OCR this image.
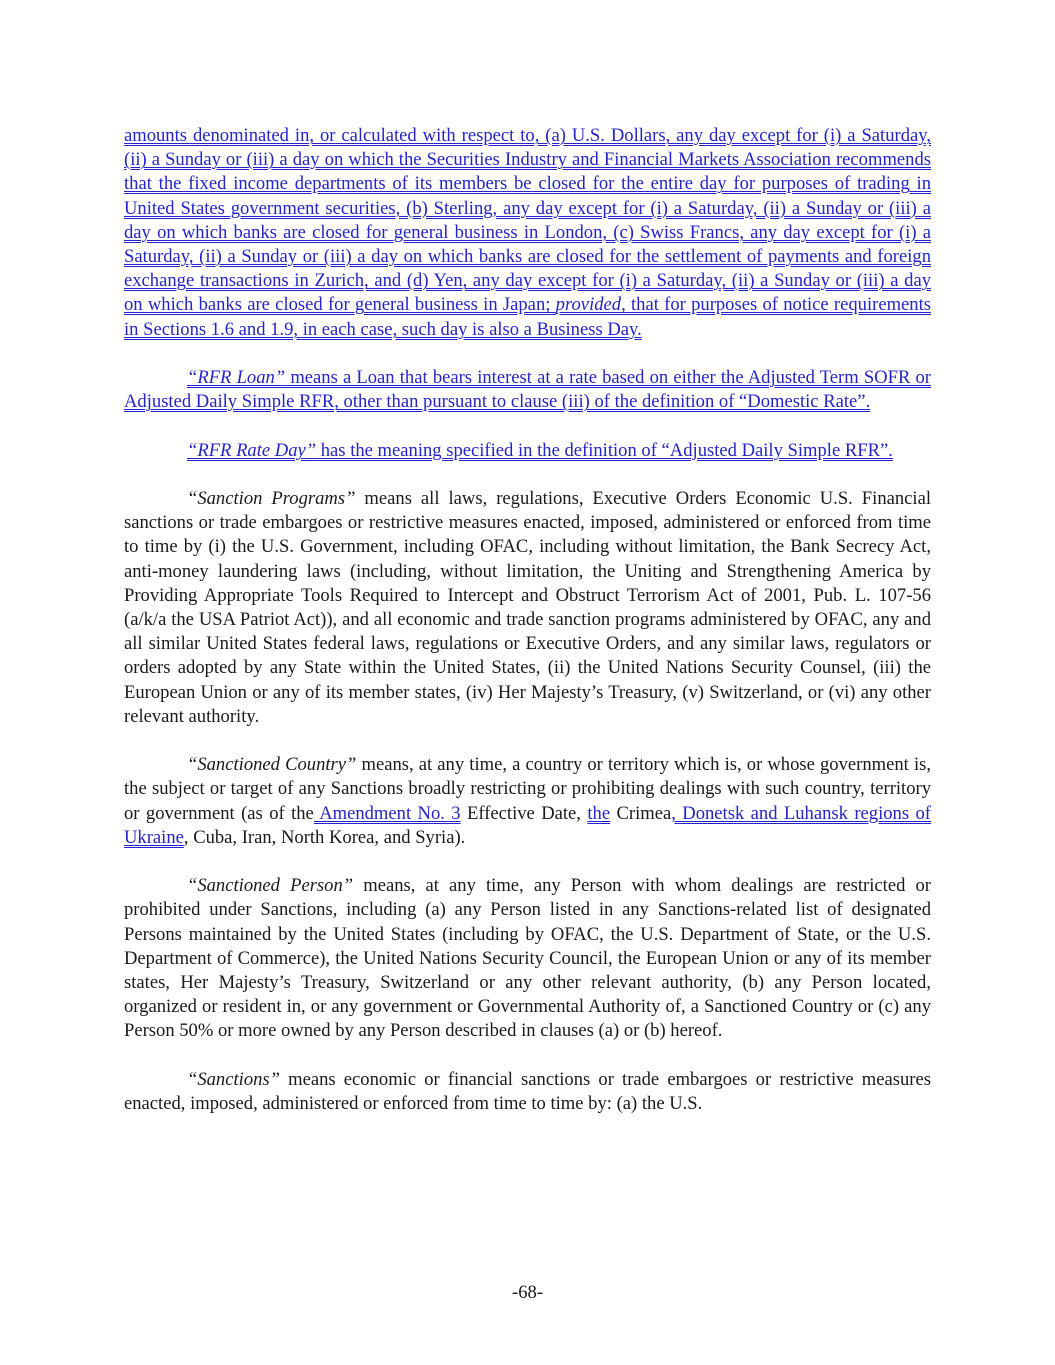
amounts denominated in, or calculated with respect to, (a) U.S. Dollars, any day except for (i) a Saturday, (ii) a Sunday or (iii) a day on which the Securities Industry and Financial Markets Association recommends that the fixed income departments of its members be closed for the entire day for purposes of trading in United States government securities, (b) Sterling, any day except for (i) a Saturday, (ii) a Sunday or (iii) a day on which banks are closed for general business in London, (c) Swiss Francs, any day except for (i) a Saturday, (ii) a Sunday or (iii) a day on which banks are closed for the settlement of payments and foreign exchange transactions in Zurich, and (d) Yen, any day except for (i) a Saturday, (ii) a Sunday or (iii) a day on which banks are closed for general business in Japan; provided, that for purposes of notice requirements in Sections 1.6 and 1.9, in each case, such day is also a Business Day.

“RFR Loan” means a Loan that bears interest at a rate based on either the Adjusted Term SOFR or Adjusted Daily Simple RFR, other than pursuant to clause (iii) of the definition of “Domestic Rate”.

“RFR Rate Day” has the meaning specified in the definition of “Adjusted Daily Simple RFR”.

“Sanction Programs” means all laws, regulations, Executive Orders Economic U.S. Financial sanctions or trade embargoes or restrictive measures enacted, imposed, administered or enforced from time to time by (i) the U.S. Government, including OFAC, including without limitation, the Bank Secrecy Act, anti-money laundering laws (including, without limitation, the Uniting and Strengthening America by Providing Appropriate Tools Required to Intercept and Obstruct Terrorism Act of 2001, Pub. L. 107-56 (a/k/a the USA Patriot Act)), and all economic and trade sanction programs administered by OFAC, any and all similar United States federal laws, regulations or Executive Orders, and any similar laws, regulators or orders adopted by any State within the United States, (ii) the United Nations Security Counsel, (iii) the European Union or any of its member states, (iv) Her Majesty’s Treasury, (v) Switzerland, or (vi) any other relevant authority.

“Sanctioned Country” means, at any time, a country or territory which is, or whose government is, the subject or target of any Sanctions broadly restricting or prohibiting dealings with such country, territory or government (as of the Amendment No. 3 Effective Date, the Crimea, Donetsk and Luhansk regions of Ukraine, Cuba, Iran, North Korea, and Syria).

“Sanctioned Person” means, at any time, any Person with whom dealings are restricted or prohibited under Sanctions, including (a) any Person listed in any Sanctions-related list of designated Persons maintained by the United States (including by OFAC, the U.S. Department of State, or the U.S. Department of Commerce), the United Nations Security Council, the European Union or any of its member states, Her Majesty’s Treasury, Switzerland or any other relevant authority, (b) any Person located, organized or resident in, or any government or Governmental Authority of, a Sanctioned Country or (c) any Person 50% or more owned by any Person described in clauses (a) or (b) hereof.

“Sanctions” means economic or financial sanctions or trade embargoes or restrictive measures enacted, imposed, administered or enforced from time to time by: (a) the U.S.

-68-
